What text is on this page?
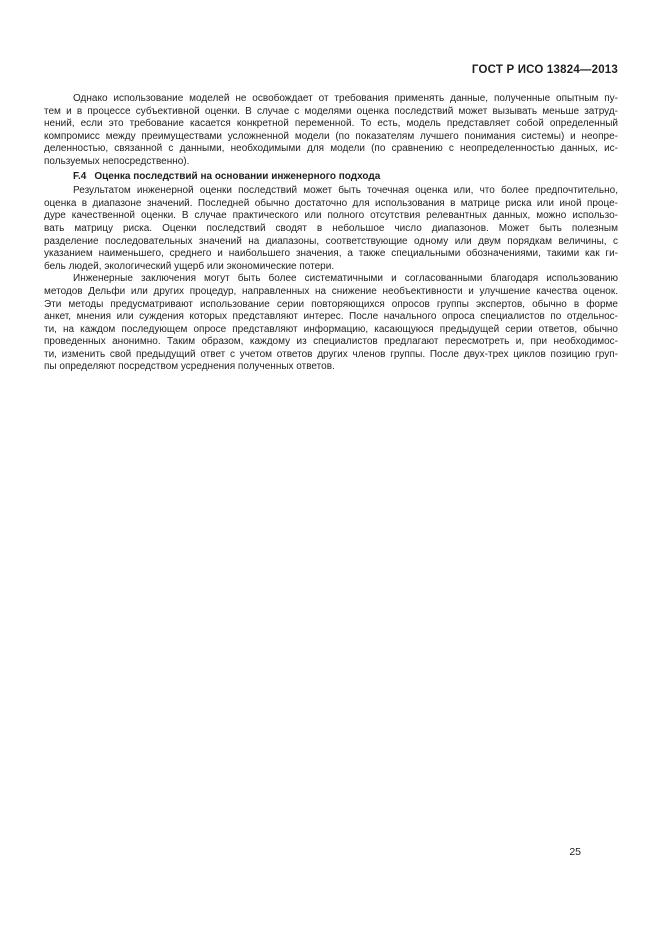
ГОСТ Р ИСО 13824—2013
Однако использование моделей не освобождает от требования применять данные, полученные опытным пу-
тем и в процессе субъективной оценки. В случае с моделями оценка последствий может вызывать меньше затруд-
нений, если это требование касается конкретной переменной. То есть, модель представляет собой определенный
компромисс между преимуществами усложненной модели (по показателям лучшего понимания системы) и неопре-
деленностью, связанной с данными, необходимыми для модели (по сравнению с неопределенностью данных, ис-
пользуемых непосредственно).
F.4 Оценка последствий на основании инженерного подхода
Результатом инженерной оценки последствий может быть точечная оценка или, что более предпочтительно,
оценка в диапазоне значений. Последней обычно достаточно для использования в матрице риска или иной проце-
дуре качественной оценки. В случае практического или полного отсутствия релевантных данных, можно использо-
вать матрицу риска. Оценки последствий сводят в небольшое число диапазонов. Может быть полезным
разделение последовательных значений на диапазоны, соответствующие одному или двум порядкам величины, с
указанием наименьшего, среднего и наибольшего значения, а также специальными обозначениями, такими как ги-
бель людей, экологический ущерб или экономические потери.
Инженерные заключения могут быть более систематичными и согласованными благодаря использованию
методов Дельфи или других процедур, направленных на снижение необъективности и улучшение качества оценок.
Эти методы предусматривают использование серии повторяющихся опросов группы экспертов, обычно в форме
анкет, мнения или суждения которых представляют интерес. После начального опроса специалистов по отдельнос-
ти, на каждом последующем опросе представляют информацию, касающуюся предыдущей серии ответов, обычно
проведенных анонимно. Таким образом, каждому из специалистов предлагают пересмотреть и, при необходимос-
ти, изменить свой предыдущий ответ с учетом ответов других членов группы. После двух-трех циклов позицию груп-
пы определяют посредством усреднения полученных ответов.
25
